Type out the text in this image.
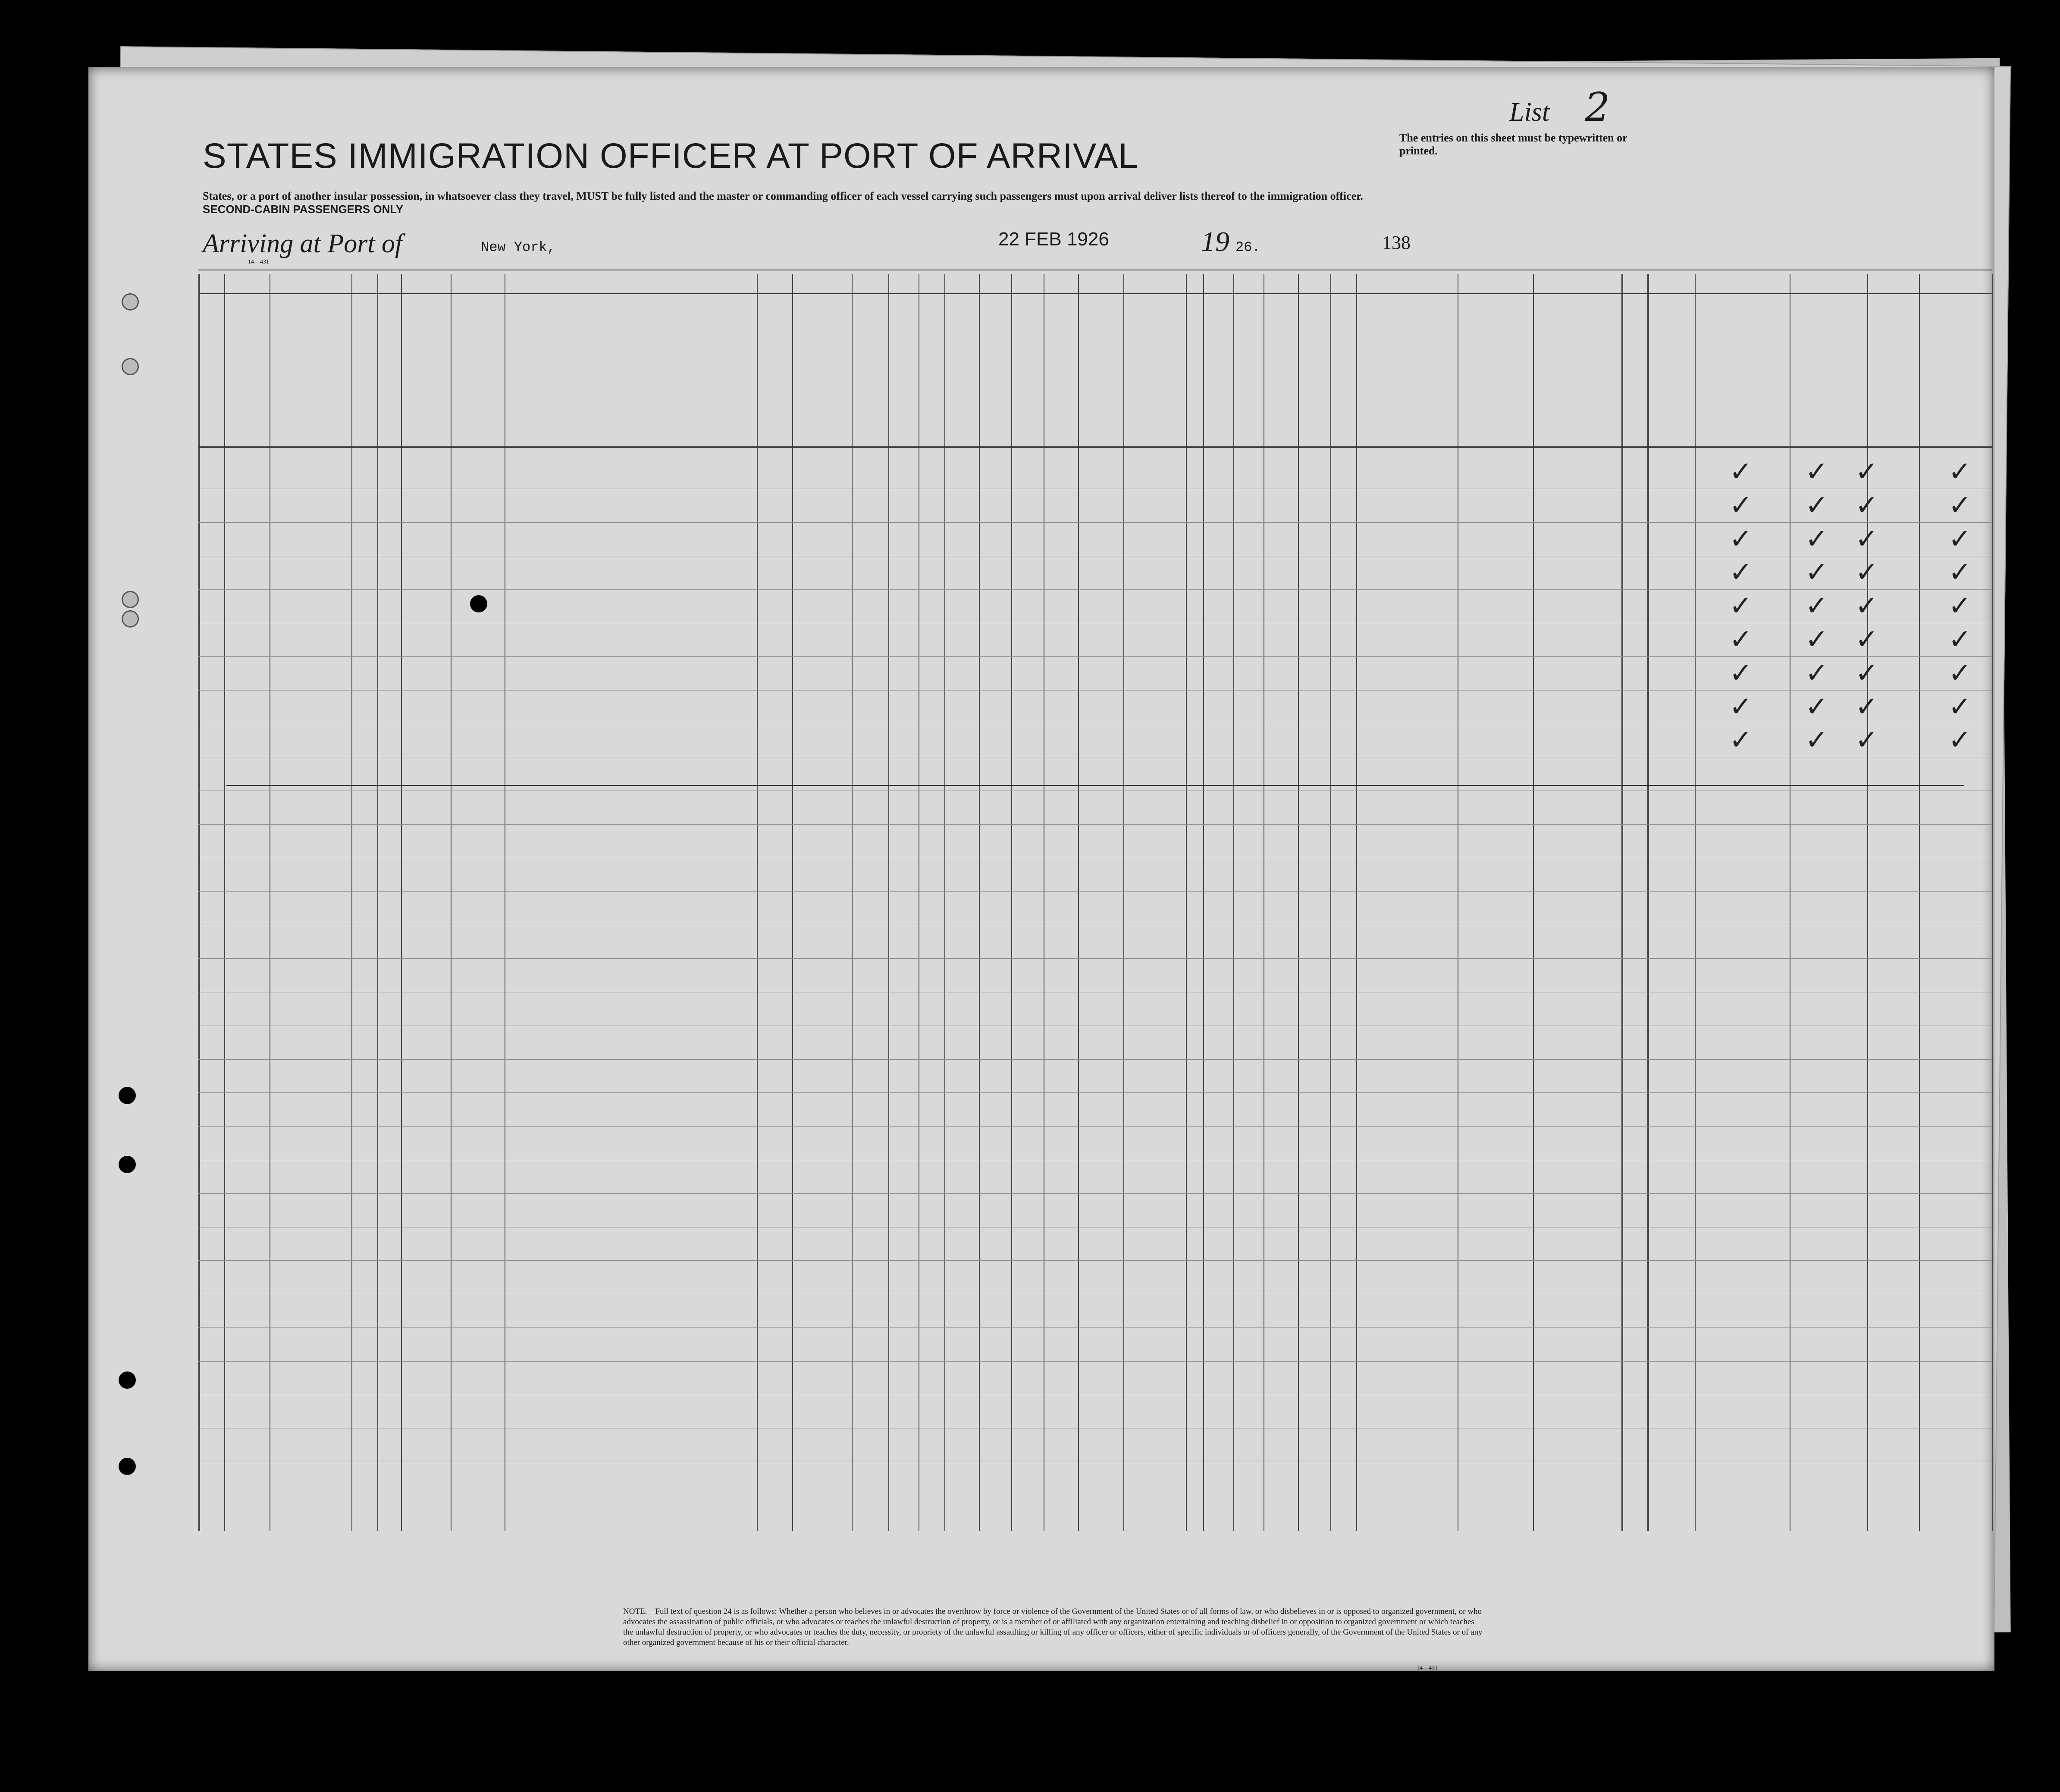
STATES IMMIGRATION OFFICER AT PORT OF ARRIVAL
List 2
The entries on this sheet must be typewritten or printed.
States, or a port of another insular possession, in whatsoever class they travel, MUST be fully listed and the master or commanding officer of each vessel carrying such passengers must upon arrival deliver lists thereof to the immigration officer.
SECOND-CABIN PASSENGERS ONLY
Arriving at Port of	New York,	22 FEB 1926	19 26.	138
14—431
NOTE.—Full text of question 24 is as follows: Whether a person who believes in or advocates the overthrow by force or violence of the Government of the United States or of all forms of law, or who disbelieves in or is opposed to organized government, or who advocates the assassination of public officials, or who advocates or teaches the unlawful destruction of property, or is a member of or affiliated with any organization entertaining and teaching disbelief in or opposition to organized government or which teaches the unlawful destruction of property, or who advocates or teaches the duty, necessity, or propriety of the unlawful assaulting or killing of any officer or officers, either of specific individuals or of officers generally, of the Government of the United States or of any other organized government because of his or their official character.
14—431
✓ ✓ ✓	✓
✓ ✓ ✓	✓
✓ ✓ ✓	✓
✓ ✓ ✓	✓
✓ ✓ ✓	✓
✓ ✓ ✓	✓
✓ ✓ ✓	✓
✓ ✓ ✓	✓
✓ ✓ ✓	✓
